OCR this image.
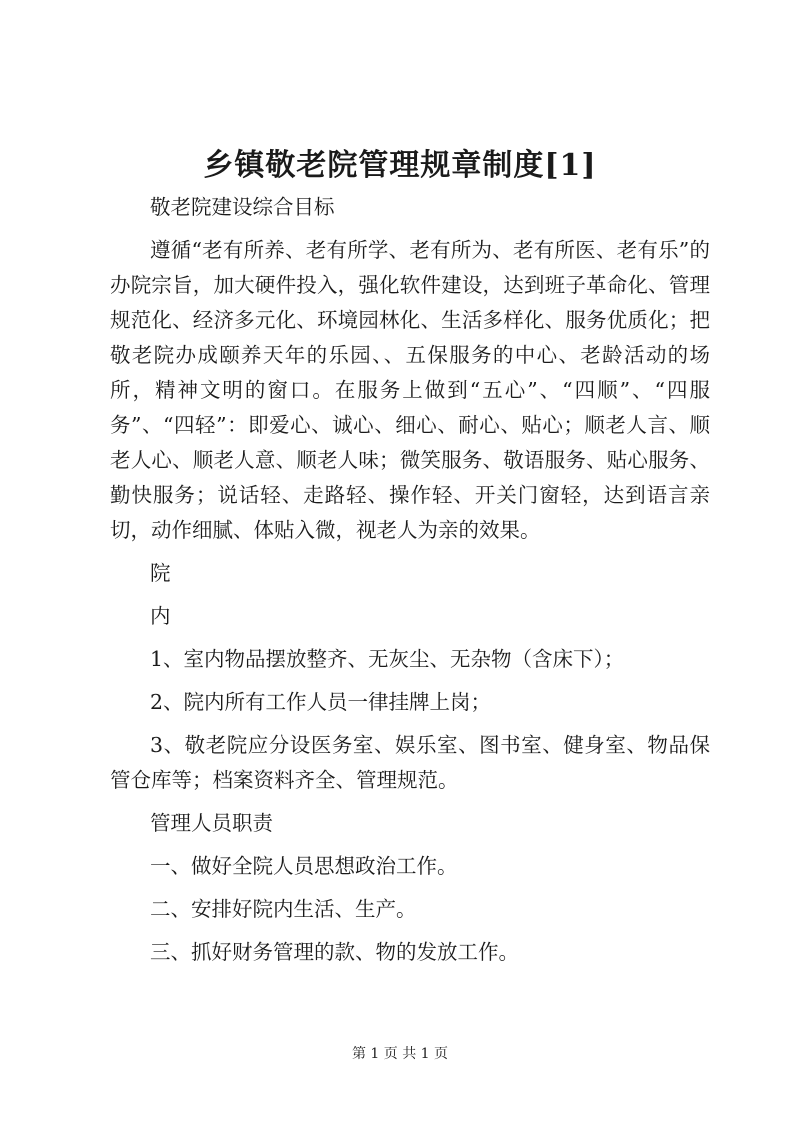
乡镇敬老院管理规章制度[1]

敬老院建设综合目标

遵循“老有所养、老有所学、老有所为、老有所医、老有乐”的办院宗旨，加大硬件投入，强化软件建设，达到班子革命化、管理规范化、经济多元化、环境园林化、生活多样化、服务优质化；把敬老院办成颐养天年的乐园、、五保服务的中心、老龄活动的场所，精神文明的窗口。在服务上做到“五心”、“四顺”、“四服务”、“四轻”：即爱心、诚心、细心、耐心、贴心；顺老人言、顺老人心、顺老人意、顺老人味；微笑服务、敬语服务、贴心服务、勤快服务；说话轻、走路轻、操作轻、开关门窗轻，达到语言亲切，动作细腻、体贴入微，视老人为亲的效果。

院

内

1、室内物品摆放整齐、无灰尘、无杂物（含床下）；

2、院内所有工作人员一律挂牌上岗；

3、敬老院应分设医务室、娱乐室、图书室、健身室、物品保管仓库等；档案资料齐全、管理规范。

管理人员职责

一、做好全院人员思想政治工作。

二、安排好院内生活、生产。

三、抓好财务管理的款、物的发放工作。

第 1 页 共 1 页
